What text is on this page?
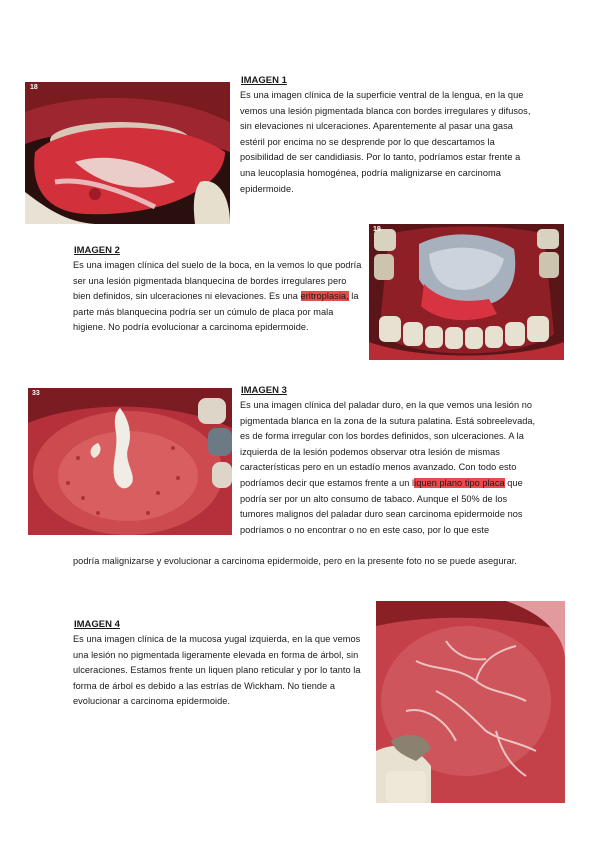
18
IMAGEN 1
Es una imagen clínica de la superficie ventral de la lengua, en la que vemos una lesión pigmentada blanca con bordes irregulares y difusos, sin elevaciones ni ulceraciones. Aparentemente al pasar una gasa estéril por encima no se desprende por lo que descartamos la posibilidad de ser candidiasis. Por lo tanto, podríamos estar frente a una leucoplasia homogénea, podría malignizarse en carcinoma epidermoide.
IMAGEN 2
Es una imagen clínica del suelo de la boca, en la vemos lo que podría ser una lesión pigmentada blanquecina de bordes irregulares pero bien definidos, sin ulceraciones ni elevaciones. Es una eritroplasia, la parte más blanquecina podría ser un cúmulo de placa por mala higiene. No podría evolucionar a carcinoma epidermoide.
19
33	IMAGEN 3
Es una imagen clínica del paladar duro, en la que vemos una lesión no pigmentada blanca en la zona de la sutura palatina. Está sobreelevada, es de forma irregular con los bordes definidos, son ulceraciones. A la izquierda de la lesión podemos observar otra lesión de mismas características pero en un estadío menos avanzado. Con todo esto podríamos decir que estamos frente a un liquen plano tipo placa que podría ser por un alto consumo de tabaco. Aunque el 50% de los tumores malignos del paladar duro sean carcinoma epidermoide nos podríamos o no encontrar o no en este caso, por lo que este
podría malignizarse y evolucionar a carcinoma epidermoide, pero en la presente foto no se puede asegurar.
IMAGEN 4
Es una imagen clínica de la mucosa yugal izquierda, en la que vemos una lesión no pigmentada ligeramente elevada en forma de árbol, sin ulceraciones. Estamos frente un liquen plano reticular y por lo tanto la forma de árbol es debido a las estrías de Wickham. No tiende a evolucionar a carcinoma epidermoide.
